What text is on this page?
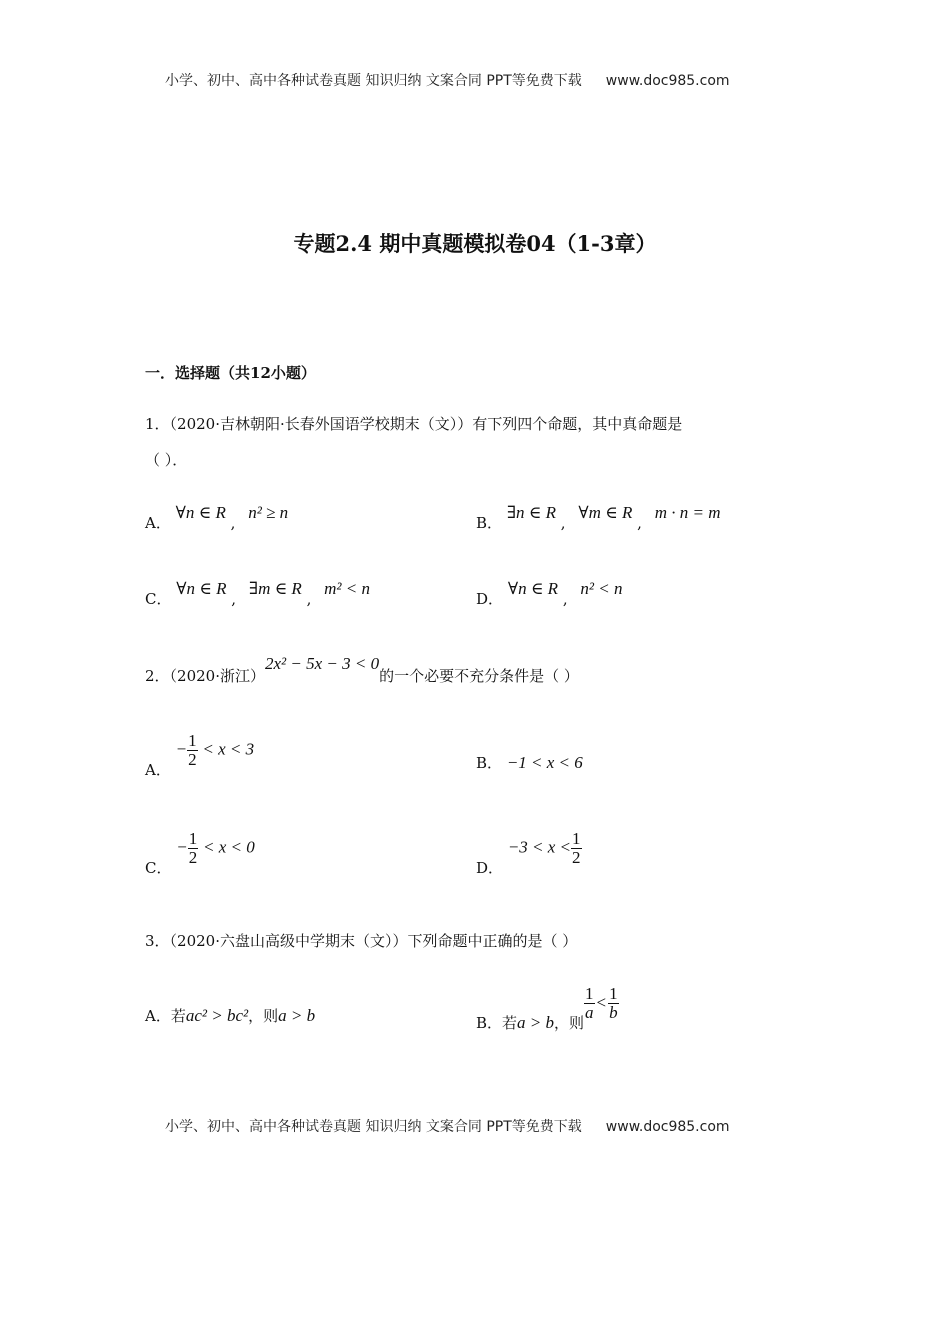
小学、初中、高中各种试卷真题 知识归纳 文案合同 PPT等免费下载 www.doc985.com
专题2.4 期中真题模拟卷04（1-3章）
一．选择题（共12小题）
1．（2020·吉林朝阳·长春外国语学校期末（文））有下列四个命题，其中真命题是
（ ）．
A． ∀n ∈ R , n² ≥ n
B． ∃n ∈ R , ∀m ∈ R , m · n = m
C． ∀n ∈ R , ∃m ∈ R , m² < n
D． ∀n ∈ R , n² < n
2．（2020·浙江）2x² − 5x − 3 < 0的一个必要不充分条件是（ ）
A． − $\frac{1}{2} < x < 3$
B． −1 < x < 6
C． − $\frac{1}{2} < x < 0$
D． $-3 < x < \frac{1}{2}$
3．（2020·六盘山高级中学期末（文））下列命题中正确的是（ ）
A．若ac² > bc²，则a > b	B．若a > b，则
$\frac{1}{a} < \frac{1}{b}$
小学、初中、高中各种试卷真题 知识归纳 文案合同 PPT等免费下载 www.doc985.com
